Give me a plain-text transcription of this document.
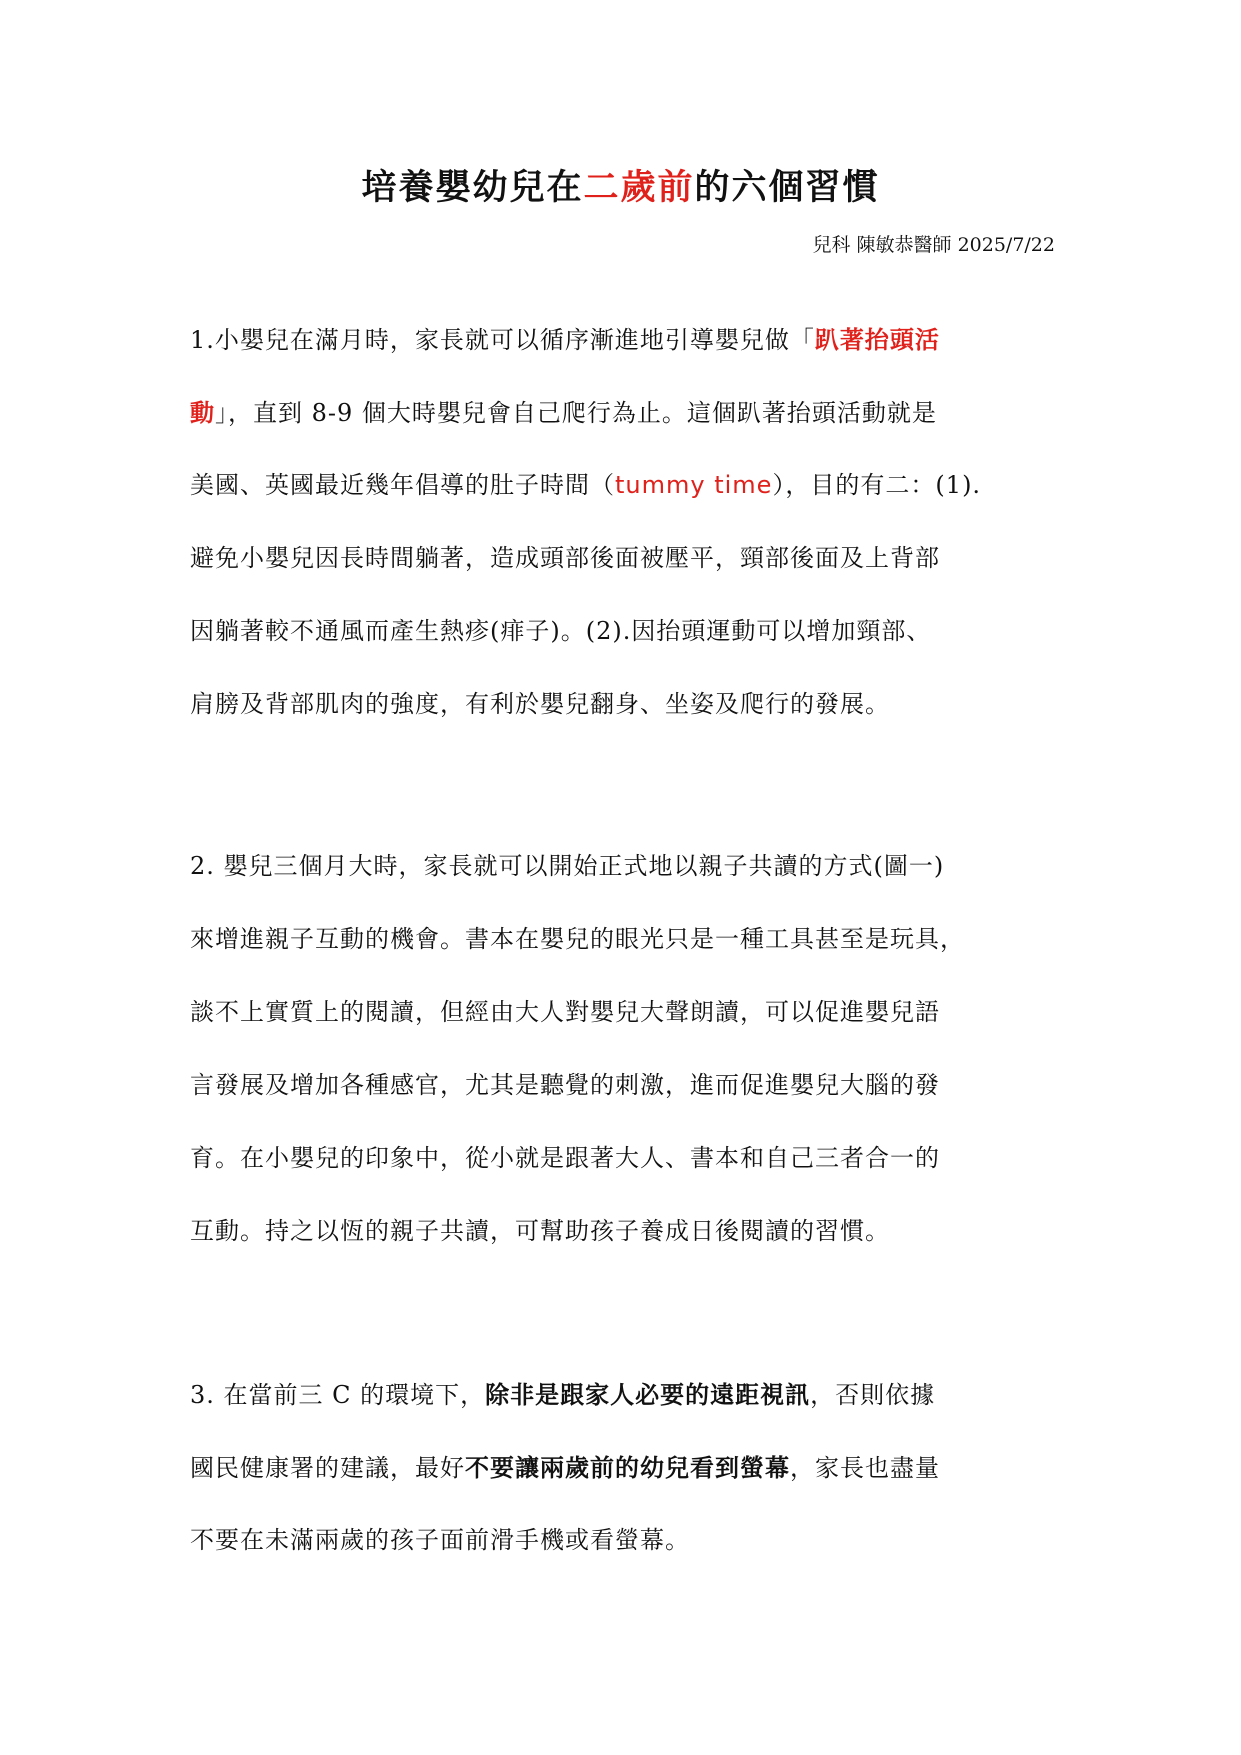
培養嬰幼兒在二歲前的六個習慣

兒科 陳敏恭醫師 2025/7/22

1.小嬰兒在滿月時，家長就可以循序漸進地引導嬰兒做「趴著抬頭活
動」，直到 8-9 個大時嬰兒會自己爬行為止。這個趴著抬頭活動就是
美國、英國最近幾年倡導的肚子時間（tummy time），目的有二：(1).
避免小嬰兒因長時間躺著，造成頭部後面被壓平，頸部後面及上背部
因躺著較不通風而產生熱疹(痱子)。(2).因抬頭運動可以增加頸部、
肩膀及背部肌肉的強度，有利於嬰兒翻身、坐姿及爬行的發展。
2. 嬰兒三個月大時，家長就可以開始正式地以親子共讀的方式(圖一)
來增進親子互動的機會。書本在嬰兒的眼光只是一種工具甚至是玩具，
談不上實質上的閱讀，但經由大人對嬰兒大聲朗讀，可以促進嬰兒語
言發展及增加各種感官，尤其是聽覺的刺激，進而促進嬰兒大腦的發
育。在小嬰兒的印象中，從小就是跟著大人、書本和自己三者合一的
互動。持之以恆的親子共讀，可幫助孩子養成日後閱讀的習慣。
3. 在當前三 C 的環境下，除非是跟家人必要的遠距視訊，否則依據
國民健康署的建議，最好不要讓兩歲前的幼兒看到螢幕，家長也盡量
不要在未滿兩歲的孩子面前滑手機或看螢幕。
